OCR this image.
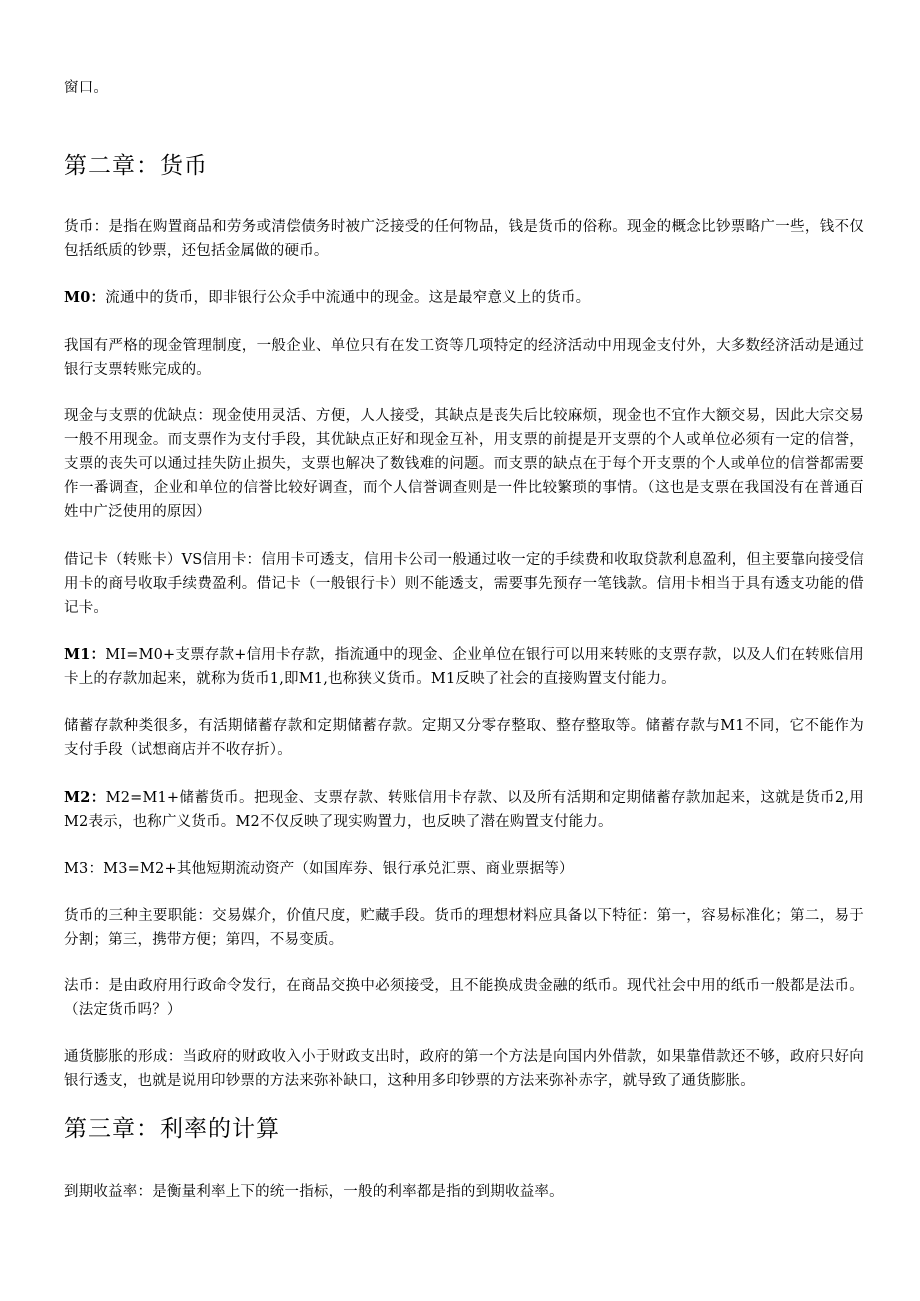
窗口。

第二章：货币

货币：是指在购置商品和劳务或清偿债务时被广泛接受的任何物品，钱是货币的俗称。现金的概念比钞票略广一些，钱不仅包括纸质的钞票，还包括金属做的硬币。

M0：流通中的货币，即非银行公众手中流通中的现金。这是最窄意义上的货币。

我国有严格的现金管理制度，一般企业、单位只有在发工资等几项特定的经济活动中用现金支付外，大多数经济活动是通过银行支票转账完成的。

现金与支票的优缺点：现金使用灵活、方便，人人接受，其缺点是丧失后比较麻烦，现金也不宜作大额交易，因此大宗交易一般不用现金。而支票作为支付手段，其优缺点正好和现金互补，用支票的前提是开支票的个人或单位必须有一定的信誉，支票的丧失可以通过挂失防止损失，支票也解决了数钱难的问题。而支票的缺点在于每个开支票的个人或单位的信誉都需要作一番调查，企业和单位的信誉比较好调查，而个人信誉调查则是一件比较繁琐的事情。（这也是支票在我国没有在普通百姓中广泛使用的原因）

借记卡（转账卡）VS信用卡：信用卡可透支，信用卡公司一般通过收一定的手续费和收取贷款利息盈利，但主要靠向接受信用卡的商号收取手续费盈利。借记卡（一般银行卡）则不能透支，需要事先预存一笔钱款。信用卡相当于具有透支功能的借记卡。

M1：MI=M0+支票存款+信用卡存款，指流通中的现金、企业单位在银行可以用来转账的支票存款，以及人们在转账信用卡上的存款加起来，就称为货币1,即M1,也称狭义货币。M1反映了社会的直接购置支付能力。

储蓄存款种类很多，有活期储蓄存款和定期储蓄存款。定期又分零存整取、整存整取等。储蓄存款与M1不同，它不能作为支付手段（试想商店并不收存折）。

M2：M2=M1+储蓄货币。把现金、支票存款、转账信用卡存款、以及所有活期和定期储蓄存款加起来，这就是货币2,用M2表示，也称广义货币。M2不仅反映了现实购置力，也反映了潜在购置支付能力。

M3：M3=M2+其他短期流动资产（如国库券、银行承兑汇票、商业票据等）

货币的三种主要职能：交易媒介，价值尺度，贮藏手段。货币的理想材料应具备以下特征：第一，容易标准化；第二，易于分割；第三，携带方便；第四，不易变质。

法币：是由政府用行政命令发行，在商品交换中必须接受，且不能换成贵金融的纸币。现代社会中用的纸币一般都是法币。（法定货币吗？）

通货膨胀的形成：当政府的财政收入小于财政支出时，政府的第一个方法是向国内外借款，如果靠借款还不够，政府只好向银行透支，也就是说用印钞票的方法来弥补缺口，这种用多印钞票的方法来弥补赤字，就导致了通货膨胀。

第三章：利率的计算

到期收益率：是衡量利率上下的统一指标，一般的利率都是指的到期收益率。
